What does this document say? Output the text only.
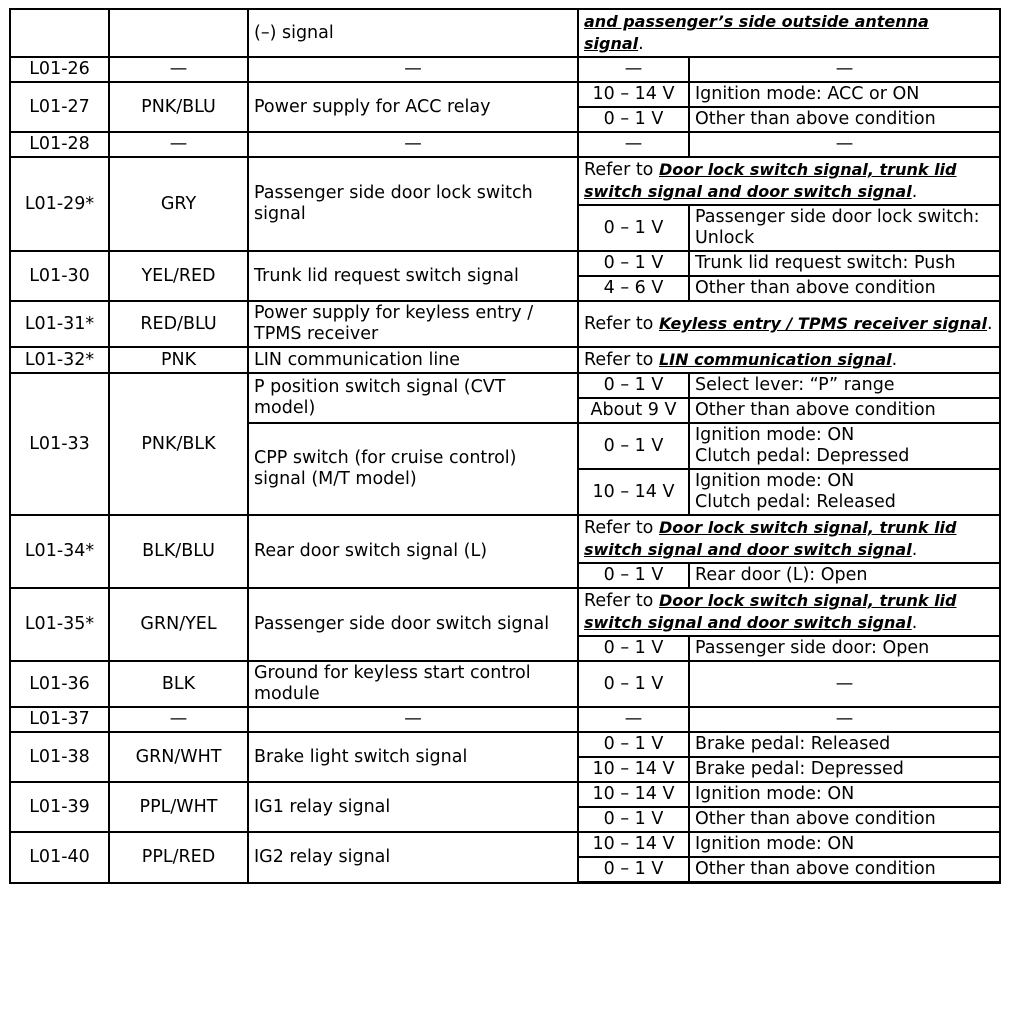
		(–) signal	and passenger’s side outside antenna signal.	
L01-26	—	—	—	—
L01-27	PNK/BLU	Power supply for ACC relay	10 – 14 V	Ignition mode: ACC or ON
			0 – 1 V	Other than above condition
L01-28	—	—	—	—
L01-29*	GRY	Passenger side door lock switch signal	Refer to Door lock switch signal, trunk lid switch signal and door switch signal.	
			0 – 1 V	Passenger side door lock switch: Unlock
L01-30	YEL/RED	Trunk lid request switch signal	0 – 1 V	Trunk lid request switch: Push
			4 – 6 V	Other than above condition
L01-31*	RED/BLU	Power supply for keyless entry / TPMS receiver	Refer to Keyless entry / TPMS receiver signal.	
L01-32*	PNK	LIN communication line	Refer to LIN communication signal.	
L01-33	PNK/BLK	P position switch signal (CVT model)	0 – 1 V	Select lever: “P” range
			About 9 V	Other than above condition
		CPP switch (for cruise control) signal (M/T model)	0 – 1 V	Ignition mode: ON
Clutch pedal: Depressed

			10 – 14 V	Ignition mode: ON
Clutch pedal: Released

L01-34*	BLK/BLU	Rear door switch signal (L)	Refer to Door lock switch signal, trunk lid switch signal and door switch signal.	
			0 – 1 V	Rear door (L): Open
L01-35*	GRN/YEL	Passenger side door switch signal	Refer to Door lock switch signal, trunk lid switch signal and door switch signal.	
			0 – 1 V	Passenger side door: Open
L01-36	BLK	Ground for keyless start control module	0 – 1 V	—
L01-37	—	—	—	—
L01-38	GRN/WHT	Brake light switch signal	0 – 1 V	Brake pedal: Released
			10 – 14 V	Brake pedal: Depressed
L01-39	PPL/WHT	IG1 relay signal	10 – 14 V	Ignition mode: ON
			0 – 1 V	Other than above condition
L01-40	PPL/RED	IG2 relay signal	10 – 14 V	Ignition mode: ON
			0 – 1 V	Other than above condition
